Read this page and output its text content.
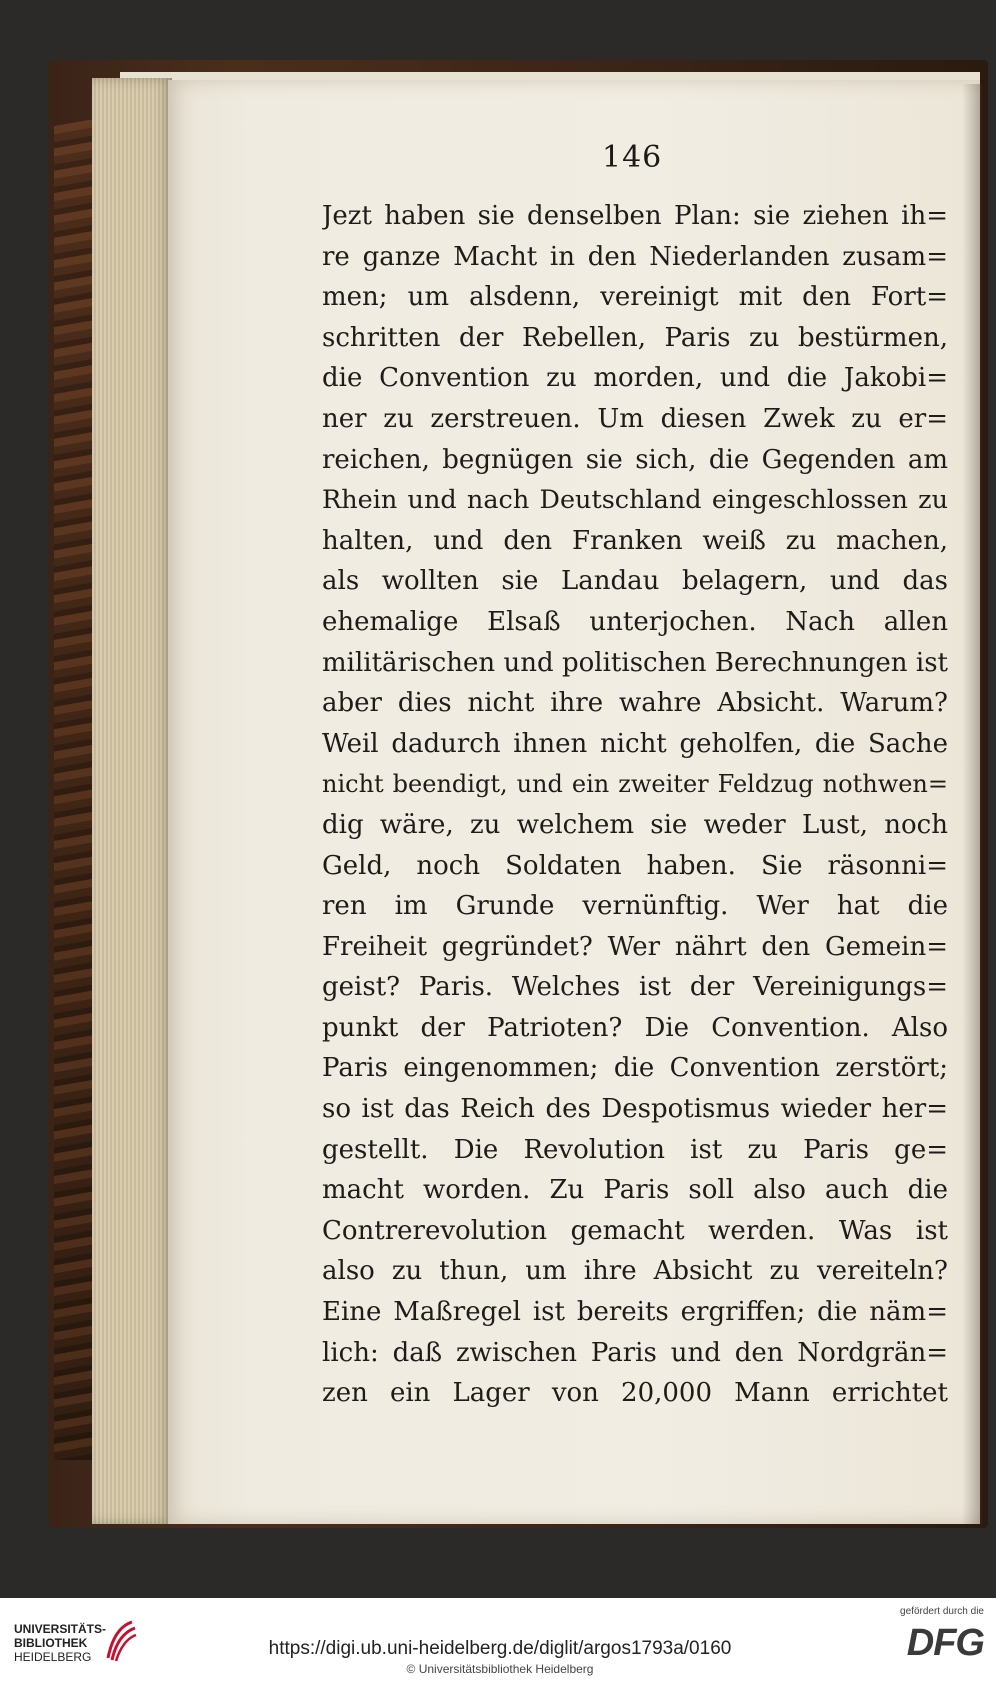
146
Jezt haben sie denselben Plan: sie ziehen ih=
re ganze Macht in den Niederlanden zusam=
men; um alsdenn, vereinigt mit den Fort=
schritten der Rebellen, Paris zu bestürmen,
die Convention zu morden, und die Jakobi=
ner zu zerstreuen. Um diesen Zwek zu er=
reichen, begnügen sie sich, die Gegenden am
Rhein und nach Deutschland eingeschlossen zu
halten, und den Franken weiß zu machen,
als wollten sie Landau belagern, und das
ehemalige Elsaß unterjochen. Nach allen
militärischen und politischen Berechnungen ist
aber dies nicht ihre wahre Absicht. Warum?
Weil dadurch ihnen nicht geholfen, die Sache
nicht beendigt, und ein zweiter Feldzug nothwen=
dig wäre, zu welchem sie weder Lust, noch
Geld, noch Soldaten haben. Sie räsonni=
ren im Grunde vernünftig. Wer hat die
Freiheit gegründet? Wer nährt den Gemein=
geist? Paris. Welches ist der Vereinigungs=
punkt der Patrioten? Die Convention. Also
Paris eingenommen; die Convention zerstört;
so ist das Reich des Despotismus wieder her=
gestellt. Die Revolution ist zu Paris ge=
macht worden. Zu Paris soll also auch die
Contrerevolution gemacht werden. Was ist
also zu thun, um ihre Absicht zu vereiteln?
Eine Maßregel ist bereits ergriffen; die näm=
lich: daß zwischen Paris und den Nordgrän=
zen ein Lager von 20,000 Mann errichtet
UNIVERSITÄTS-
BIBLIOTHEK
HEIDELBERG	https://digi.ub.uni-heidelberg.de/diglit/argos1793a/0160
© Universitätsbibliothek Heidelberg
gefördert durch die
DFG
